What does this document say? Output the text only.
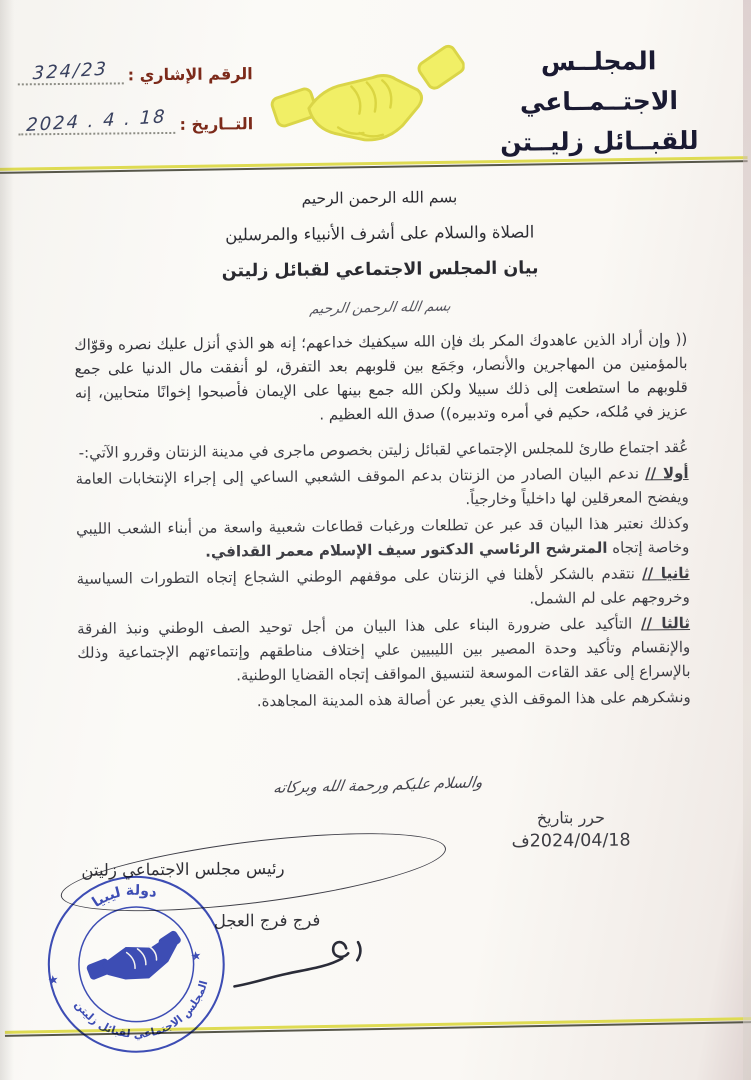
المجلــس الاجتــمــاعي
للقبــائل زليــتن
الرقم الإشاري :
324/23
التــاريخ :
2024 . 4 . 18
بسم الله الرحمن الرحيم
الصلاة والسلام على أشرف الأنبياء والمرسلين
بيان المجلس الاجتماعي لقبائل زليتن
بسم الله الرحمن الرحيم

(( وإن أراد الذين عاهدوك المكر بك فإن الله سيكفيك خداعهم؛ إنه هو الذي أنزل عليك نصره وقوّاك بالمؤمنين من المهاجرين والأنصار، وجَمَع بين قلوبهم بعد التفرق، لو أنفقت مال الدنيا على جمع قلوبهم ما استطعت إلى ذلك سبيلا ولكن الله جمع بينها على الإيمان فأصبحوا إخوانًا متحابين، إنه عزيز في مُلكه، حكيم في أمره وتدبيره)) صدق الله العظيم .

عُقد اجتماع طارئ للمجلس الإجتماعي لقبائل زليتن بخصوص ماجرى في مدينة الزنتان وقررو الآتي:-

أولا // ندعم البيان الصادر من الزنتان بدعم الموقف الشعبي الساعي إلى إجراء الإنتخابات العامة ويفضح المعرقلين لها داخلياً وخارجياً.

وكذلك نعتبر هذا البيان قد عبر عن تطلعات ورغبات قطاعات شعبية واسعة من أبناء الشعب الليبي وخاصة إتجاه المترشح الرئاسي الدكتور سيف الإسلام معمر القدافي.

ثانيا // نتقدم بالشكر لأهلنا في الزنتان على موقفهم الوطني الشجاع إتجاه التطورات السياسية وخروجهم على لم الشمل.

ثالثا // التأكيد على ضرورة البناء على هذا البيان من أجل توحيد الصف الوطني ونبذ الفرقة والإنقسام وتأكيد وحدة المصير بين الليبيين علي إختلاف مناطقهم وإنتماءتهم الإجتماعية وذلك بالإسراع إلى عقد القاءت الموسعة لتنسيق المواقف إتجاه القضايا الوطنية.

ونشكرهم على هذا الموقف الذي يعبر عن أصالة هذه المدينة المجاهدة.

والسلام عليكم ورحمة الله وبركاته
حرر بتاريخ
2024/04/18ف
رئيس مجلس الاجتماعي زليتن
فرج فرج العجل
دولة ليبيا
المجلس الاجتماعي لقبائل زليتن
★
★
